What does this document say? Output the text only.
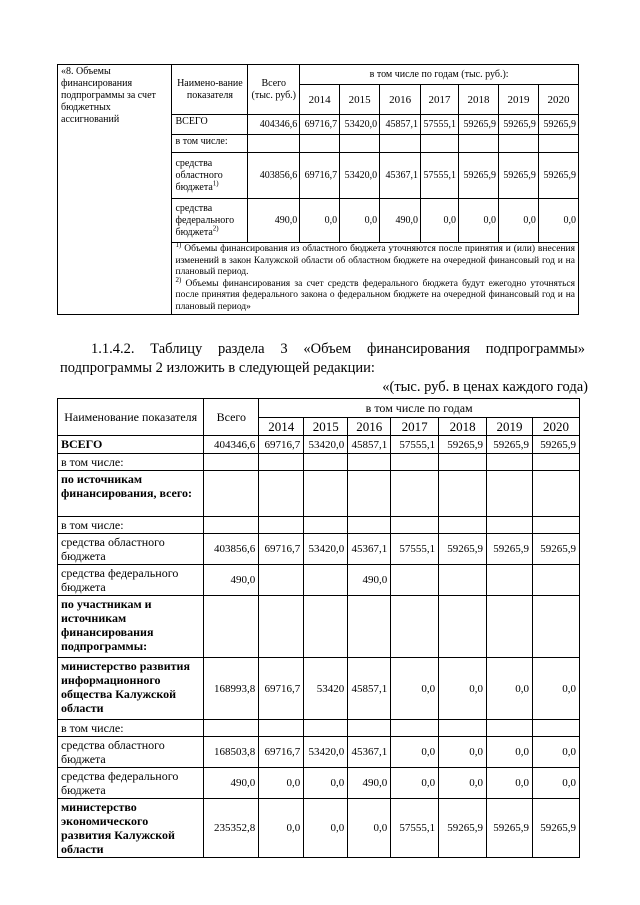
«8. Объемы финансирования подпрограммы за счет бюджетных ассигнований	Наимено-вание показателя	Всего (тыс. руб.)	в том числе по годам (тыс. руб.):						
			2014	2015	2016	2017	2018	2019	2020
	ВСЕГО	404346,6	69716,7	53420,0	45857,1	57555,1	59265,9	59265,9	59265,9
	в том числе:								
	средства областного бюджета$^{1)}$	403856,6	69716,7	53420,0	45367,1	57555,1	59265,9	59265,9	59265,9
	средства федерального бюджета$^{2)}$	490,0	0,0	0,0	490,0	0,0	0,0	0,0	0,0

	$^{1)}$ Объемы финансирования из областного бюджета уточняются после принятия и (или) внесения изменений в закон Калужской области об областном бюджете на очередной финансовый год и на плановый период.
$^{2)}$ Объемы финансирования за счет средств федерального бюджета будут ежегодно уточняться после принятия федерального закона о федеральном бюджете на очередной финансовый год и на плановый период»								
1.1.4.2. Таблицу раздела 3 «Объем финансирования подпрограммы» подпрограммы 2 изложить в следующей редакции:
«(тыс. руб. в ценах каждого года)
Наименование показателя	Всего	в том числе по годам						
		2014	2015	2016	2017	2018	2019	2020
ВСЕГО	404346,6	69716,7	53420,0	45857,1	57555,1	59265,9	59265,9	59265,9
в том числе:								
по источникам финансирования, всего:								
в том числе:								
средства областного бюджета	403856,6	69716,7	53420,0	45367,1	57555,1	59265,9	59265,9	59265,9
средства федерального бюджета	490,0			490,0				
по участникам и источникам финансирования подпрограммы:								
министерство развития информационного общества Калужской области	168993,8	69716,7	53420	45857,1	0,0	0,0	0,0	0,0
в том числе:								
средства областного бюджета	168503,8	69716,7	53420,0	45367,1	0,0	0,0	0,0	0,0
средства федерального бюджета	490,0	0,0	0,0	490,0	0,0	0,0	0,0	0,0
министерство экономического развития Калужской области	235352,8	0,0	0,0	0,0	57555,1	59265,9	59265,9	59265,9
